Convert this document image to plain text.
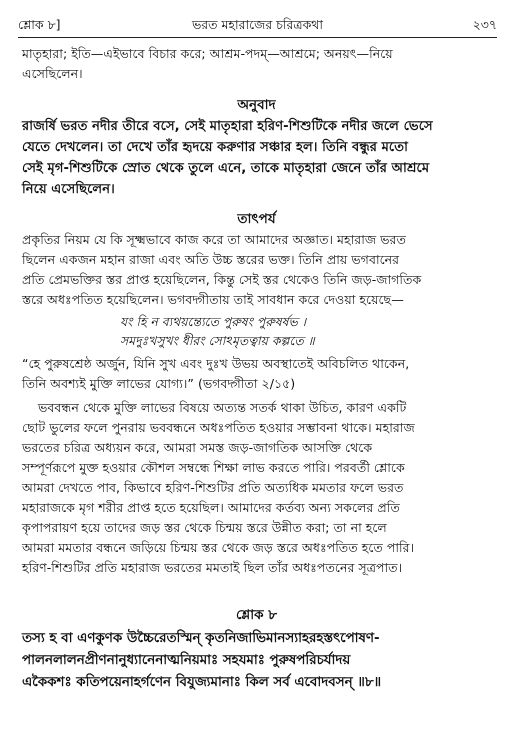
শ্লোক ৮]	ভরত মহারাজের চরিত্রকথা	২৩৭

মাতৃহারা; ইতি—এইভাবে বিচার করে; আশ্রম-পদম্—আশ্রমে; অনয়ৎ—নিয়ে

এসেছিলেন।

অনুবাদ

রাজর্ষি ভরত নদীর তীরে বসে, সেই মাতৃহারা হরিণ-শিশুটিকে নদীর জলে ভেসে

যেতে দেখলেন। তা দেখে তাঁর হৃদয়ে করুণার সঞ্চার হল। তিনি বন্ধুর মতো

সেই মৃগ-শিশুটিকে স্রোত থেকে তুলে এনে, তাকে মাতৃহারা জেনে তাঁর আশ্রমে

নিয়ে এসেছিলেন।

তাৎপর্য

প্রকৃতির নিয়ম যে কি সূক্ষ্মভাবে কাজ করে তা আমাদের অজ্ঞাত। মহারাজ ভরত

ছিলেন একজন মহান রাজা এবং অতি উচ্চ স্তরের ভক্ত। তিনি প্রায় ভগবানের

প্রতি প্রেমভক্তির স্তর প্রাপ্ত হয়েছিলেন, কিন্তু সেই স্তর থেকেও তিনি জড়-জাগতিক

স্তরে অধঃপতিত হয়েছিলেন। ভগবদ্গীতায় তাই সাবধান করে দেওয়া হয়েছে—

যং হি ন ব্যথয়ন্ত্যেতে পুরুষং পুরুষর্ষভ ।

সমদুঃখসুখং ধীরং সোঽমৃতত্বায় কল্পতে ॥

“হে পুরুষশ্রেষ্ঠ অর্জুন, যিনি সুখ এবং দুঃখ উভয় অবস্থাতেই অবিচলিত থাকেন,

তিনি অবশ্যই মুক্তি লাভের যোগ্য।” (ভগবদ্গীতা ২/১৫)

ভববন্ধন থেকে মুক্তি লাভের বিষয়ে অত্যন্ত সতর্ক থাকা উচিত, কারণ একটি

ছোট ভুলের ফলে পুনরায় ভববন্ধনে অধঃপতিত হওয়ার সম্ভাবনা থাকে। মহারাজ

ভরতের চরিত্র অধ্যয়ন করে, আমরা সমস্ত জড়-জাগতিক আসক্তি থেকে

সম্পূর্ণরূপে মুক্ত হওয়ার কৌশল সম্বন্ধে শিক্ষা লাভ করতে পারি। পরবর্তী শ্লোকে

আমরা দেখতে পাব, কিভাবে হরিণ-শিশুটির প্রতি অত্যধিক মমতার ফলে ভরত

মহারাজকে মৃগ শরীর প্রাপ্ত হতে হয়েছিল। আমাদের কর্তব্য অন্য সকলের প্রতি

কৃপাপরায়ণ হয়ে তাদের জড় স্তর থেকে চিন্ময় স্তরে উন্নীত করা; তা না হলে

আমরা মমতার বন্ধনে জড়িয়ে চিন্ময় স্তর থেকে জড় স্তরে অধঃপতিত হতে পারি।

হরিণ-শিশুটির প্রতি মহারাজ ভরতের মমতাই ছিল তাঁর অধঃপতনের সূত্রপাত।

শ্লোক ৮

তস্য হ বা এণকুণক উচ্চৈরেতস্মিন্ কৃতনিজাভিমানস্যাহরহস্তৎপোষণ-

পালনলালনপ্রীণনানুধ্যানেনাত্মনিয়মাঃ সহযমাঃ পুরুষপরিচর্যাদয়

একৈকশঃ কতিপয়েনাহর্গণেন বিযুজ্যমানাঃ কিল সর্ব এবোদবসন্ ॥৮॥
